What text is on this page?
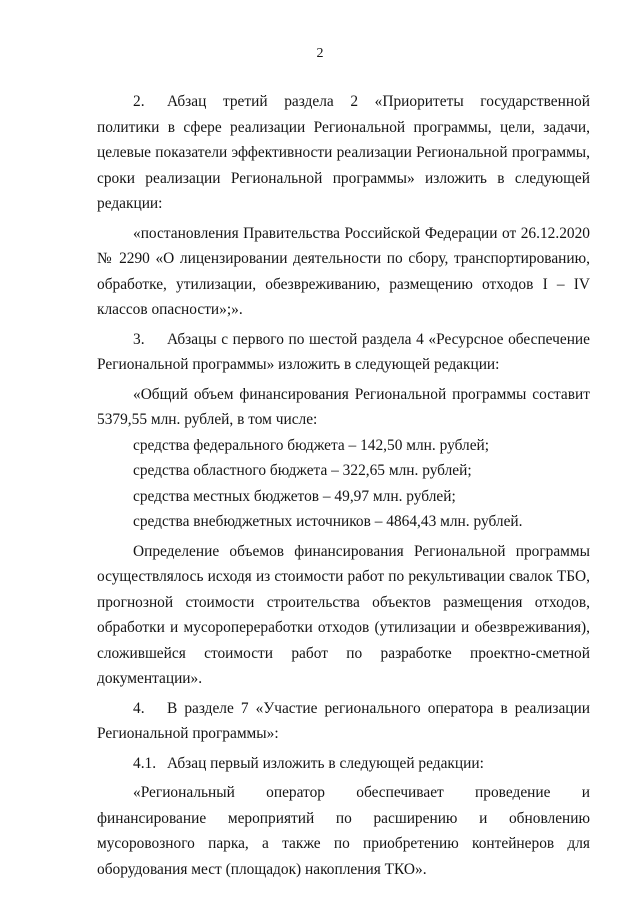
2

2. Абзац третий раздела 2 «Приоритеты государственной политики в сфере реализации Региональной программы, цели, задачи, целевые показатели эффективности реализации Региональной программы, сроки реализации Региональной программы» изложить в следующей редакции:

«постановления Правительства Российской Федерации от 26.12.2020 № 2290 «О лицензировании деятельности по сбору, транспортированию, обработке, утилизации, обезвреживанию, размещению отходов I – IV классов опасности»;».

3. Абзацы с первого по шестой раздела 4 «Ресурсное обеспечение Региональной программы» изложить в следующей редакции:

«Общий объем финансирования Региональной программы составит 5379,55 млн. рублей, в том числе:

средства федерального бюджета – 142,50 млн. рублей;

средства областного бюджета – 322,65 млн. рублей;

средства местных бюджетов – 49,97 млн. рублей;

средства внебюджетных источников – 4864,43 млн. рублей.

Определение объемов финансирования Региональной программы осуществлялось исходя из стоимости работ по рекультивации свалок ТБО, прогнозной стоимости строительства объектов размещения отходов, обработки и мусоропереработки отходов (утилизации и обезвреживания), сложившейся стоимости работ по разработке проектно-сметной документации».

4. В разделе 7 «Участие регионального оператора в реализации Региональной программы»:

4.1. Абзац первый изложить в следующей редакции:

«Региональный оператор обеспечивает проведение и финансирование мероприятий по расширению и обновлению мусоровозного парка, а также по приобретению контейнеров для оборудования мест (площадок) накопления ТКО».
